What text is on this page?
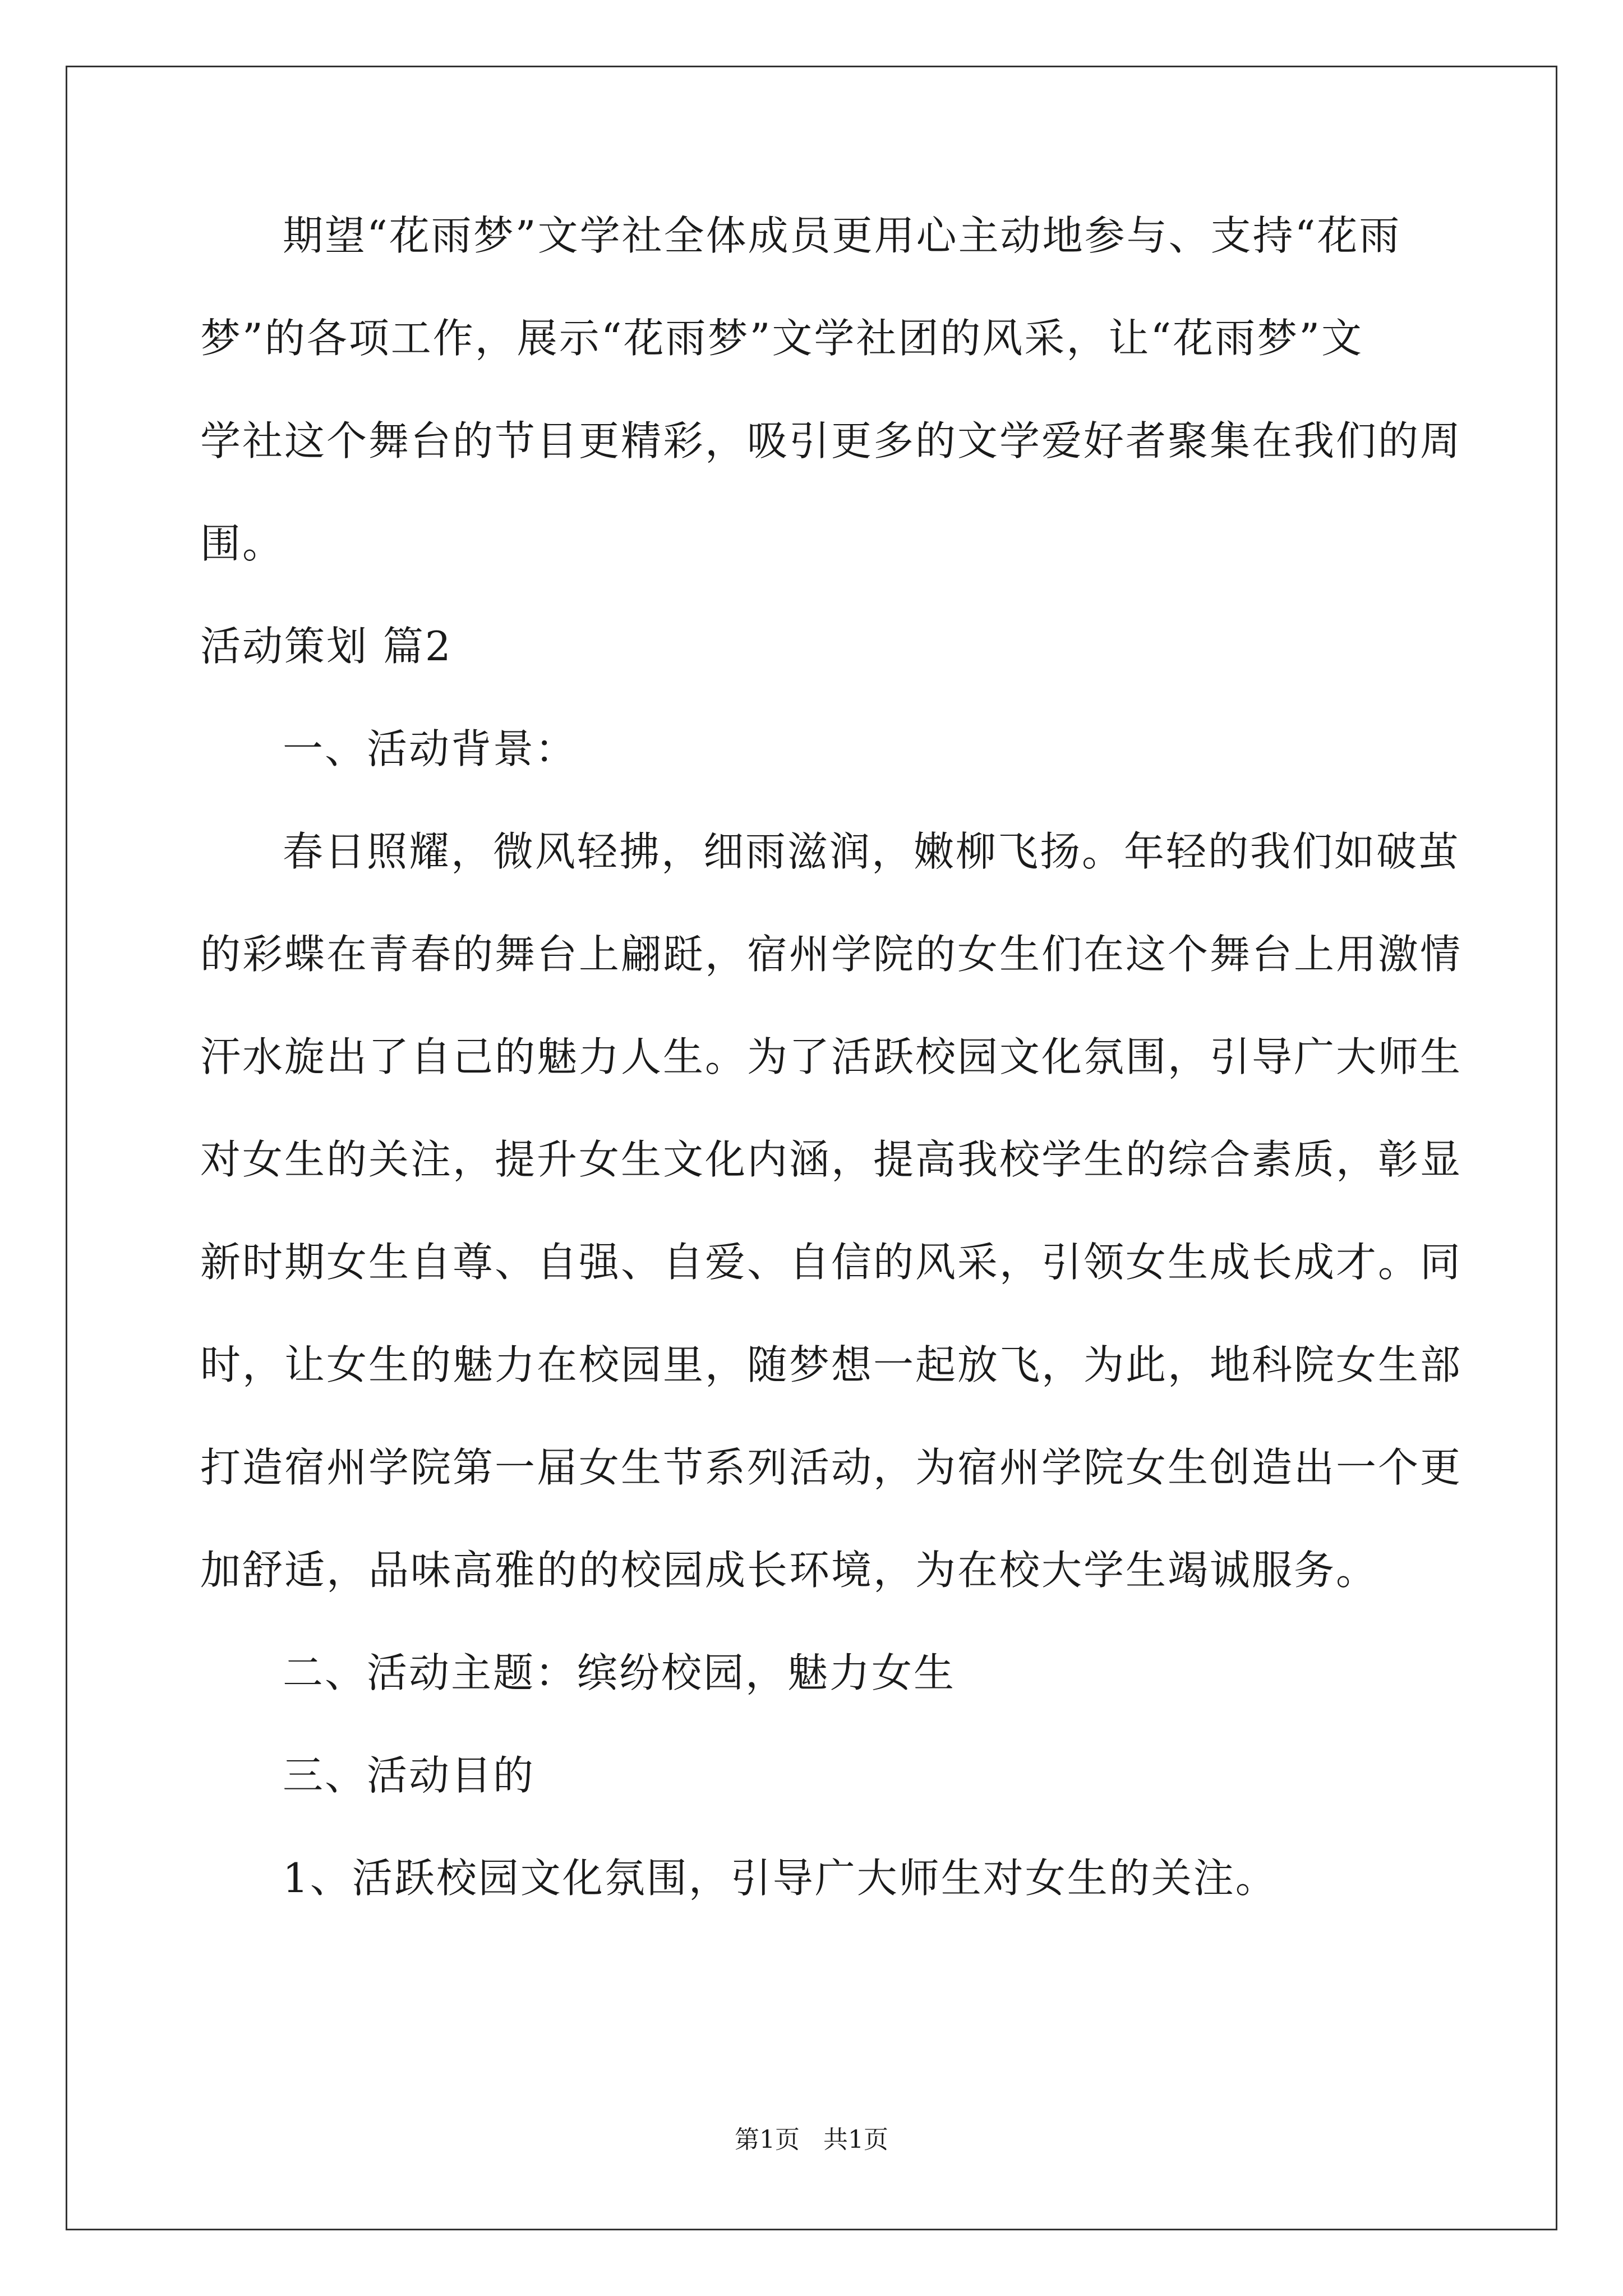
期望“花雨梦”文学社全体成员更用心主动地参与、支持“花雨
梦”的各项工作，展示“花雨梦”文学社团的风采，让“花雨梦”文
学社这个舞台的节目更精彩，吸引更多的文学爱好者聚集在我们的周
围。
活动策划 篇2
一、活动背景：
春日照耀，微风轻拂，细雨滋润，嫩柳飞扬。年轻的我们如破茧
的彩蝶在青春的舞台上翩跹，宿州学院的女生们在这个舞台上用激情
汗水旋出了自己的魅力人生。为了活跃校园文化氛围，引导广大师生
对女生的关注，提升女生文化内涵，提高我校学生的综合素质，彰显
新时期女生自尊、自强、自爱、自信的风采，引领女生成长成才。同
时，让女生的魅力在校园里，随梦想一起放飞，为此，地科院女生部
打造宿州学院第一届女生节系列活动，为宿州学院女生创造出一个更
加舒适，品味高雅的的校园成长环境，为在校大学生竭诚服务。
二、活动主题：缤纷校园，魅力女生
三、活动目的
1、活跃校园文化氛围，引导广大师生对女生的关注。
第1页 共1页
